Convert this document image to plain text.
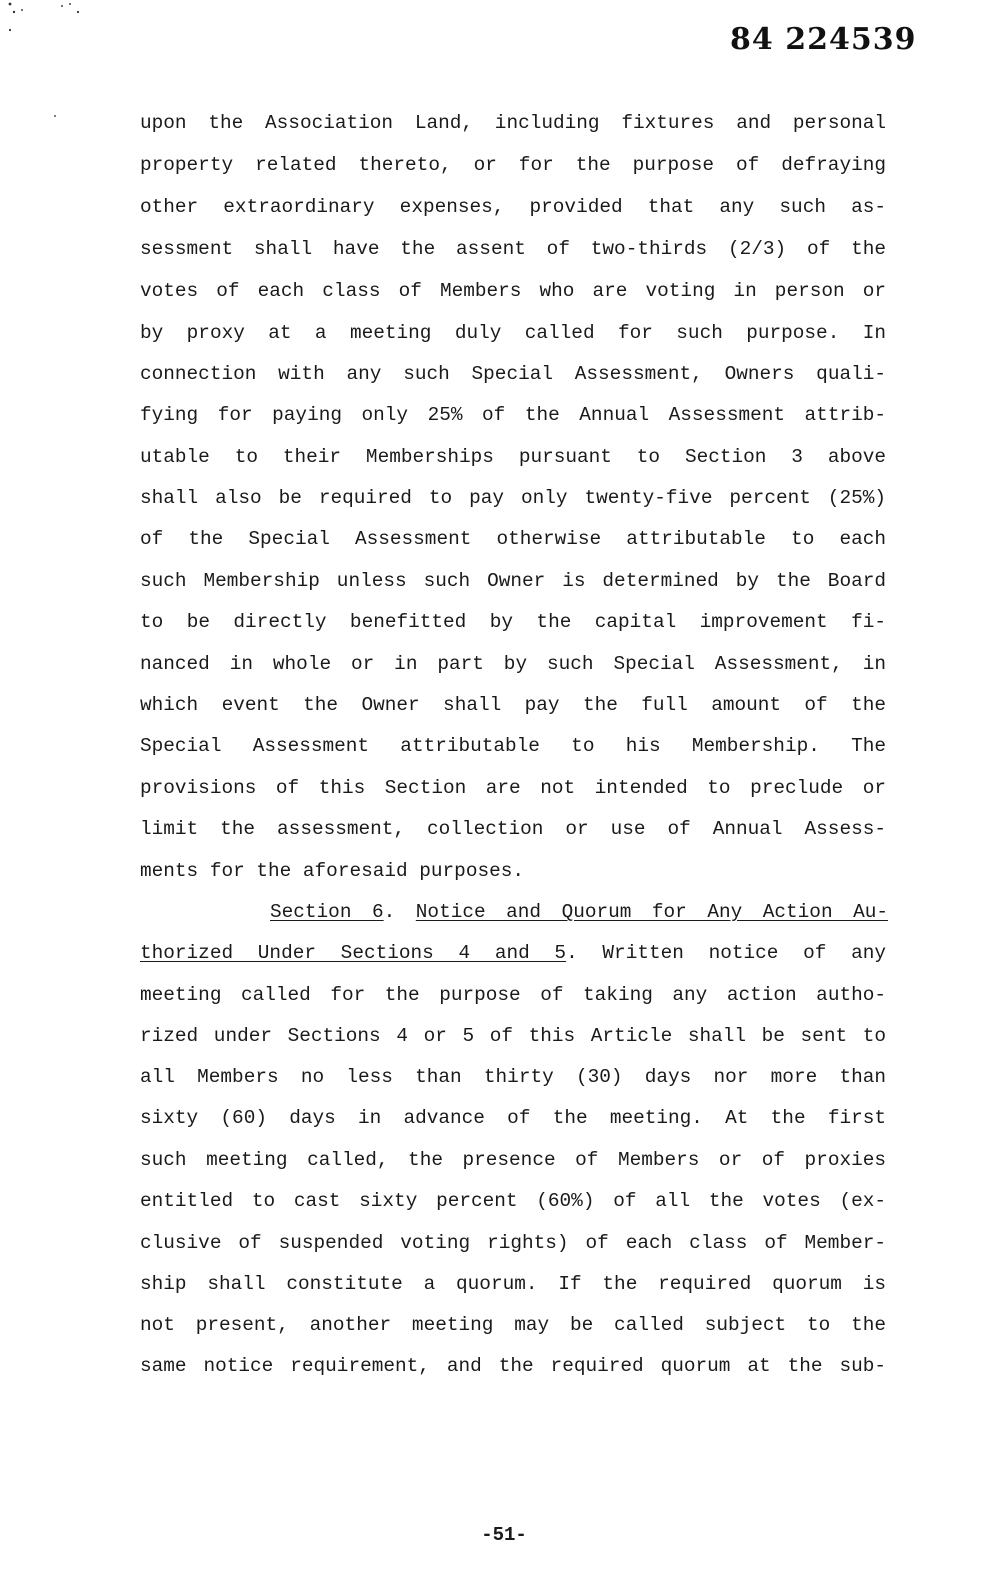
84 224539
upon the Association Land, including fixtures and personal
property related thereto, or for the purpose of defraying
other extraordinary expenses, provided that any such as-
sessment shall have the assent of two-thirds (2/3) of the
votes of each class of Members who are voting in person or
by proxy at a meeting duly called for such purpose. In
connection with any such Special Assessment, Owners quali-
fying for paying only 25% of the Annual Assessment attrib-
utable to their Memberships pursuant to Section 3 above
shall also be required to pay only twenty-five percent (25%)
of the Special Assessment otherwise attributable to each
such Membership unless such Owner is determined by the Board
to be directly benefitted by the capital improvement fi-
nanced in whole or in part by such Special Assessment, in
which event the Owner shall pay the full amount of the
Special Assessment attributable to his Membership. The
provisions of this Section are not intended to preclude or
limit the assessment, collection or use of Annual Assess-
ments for the aforesaid purposes.
Section 6. Notice and Quorum for Any Action Au-
thorized Under Sections 4 and 5. Written notice of any
meeting called for the purpose of taking any action autho-
rized under Sections 4 or 5 of this Article shall be sent to
all Members no less than thirty (30) days nor more than
sixty (60) days in advance of the meeting. At the first
such meeting called, the presence of Members or of proxies
entitled to cast sixty percent (60%) of all the votes (ex-
clusive of suspended voting rights) of each class of Member-
ship shall constitute a quorum. If the required quorum is
not present, another meeting may be called subject to the
same notice requirement, and the required quorum at the sub-
-51-
